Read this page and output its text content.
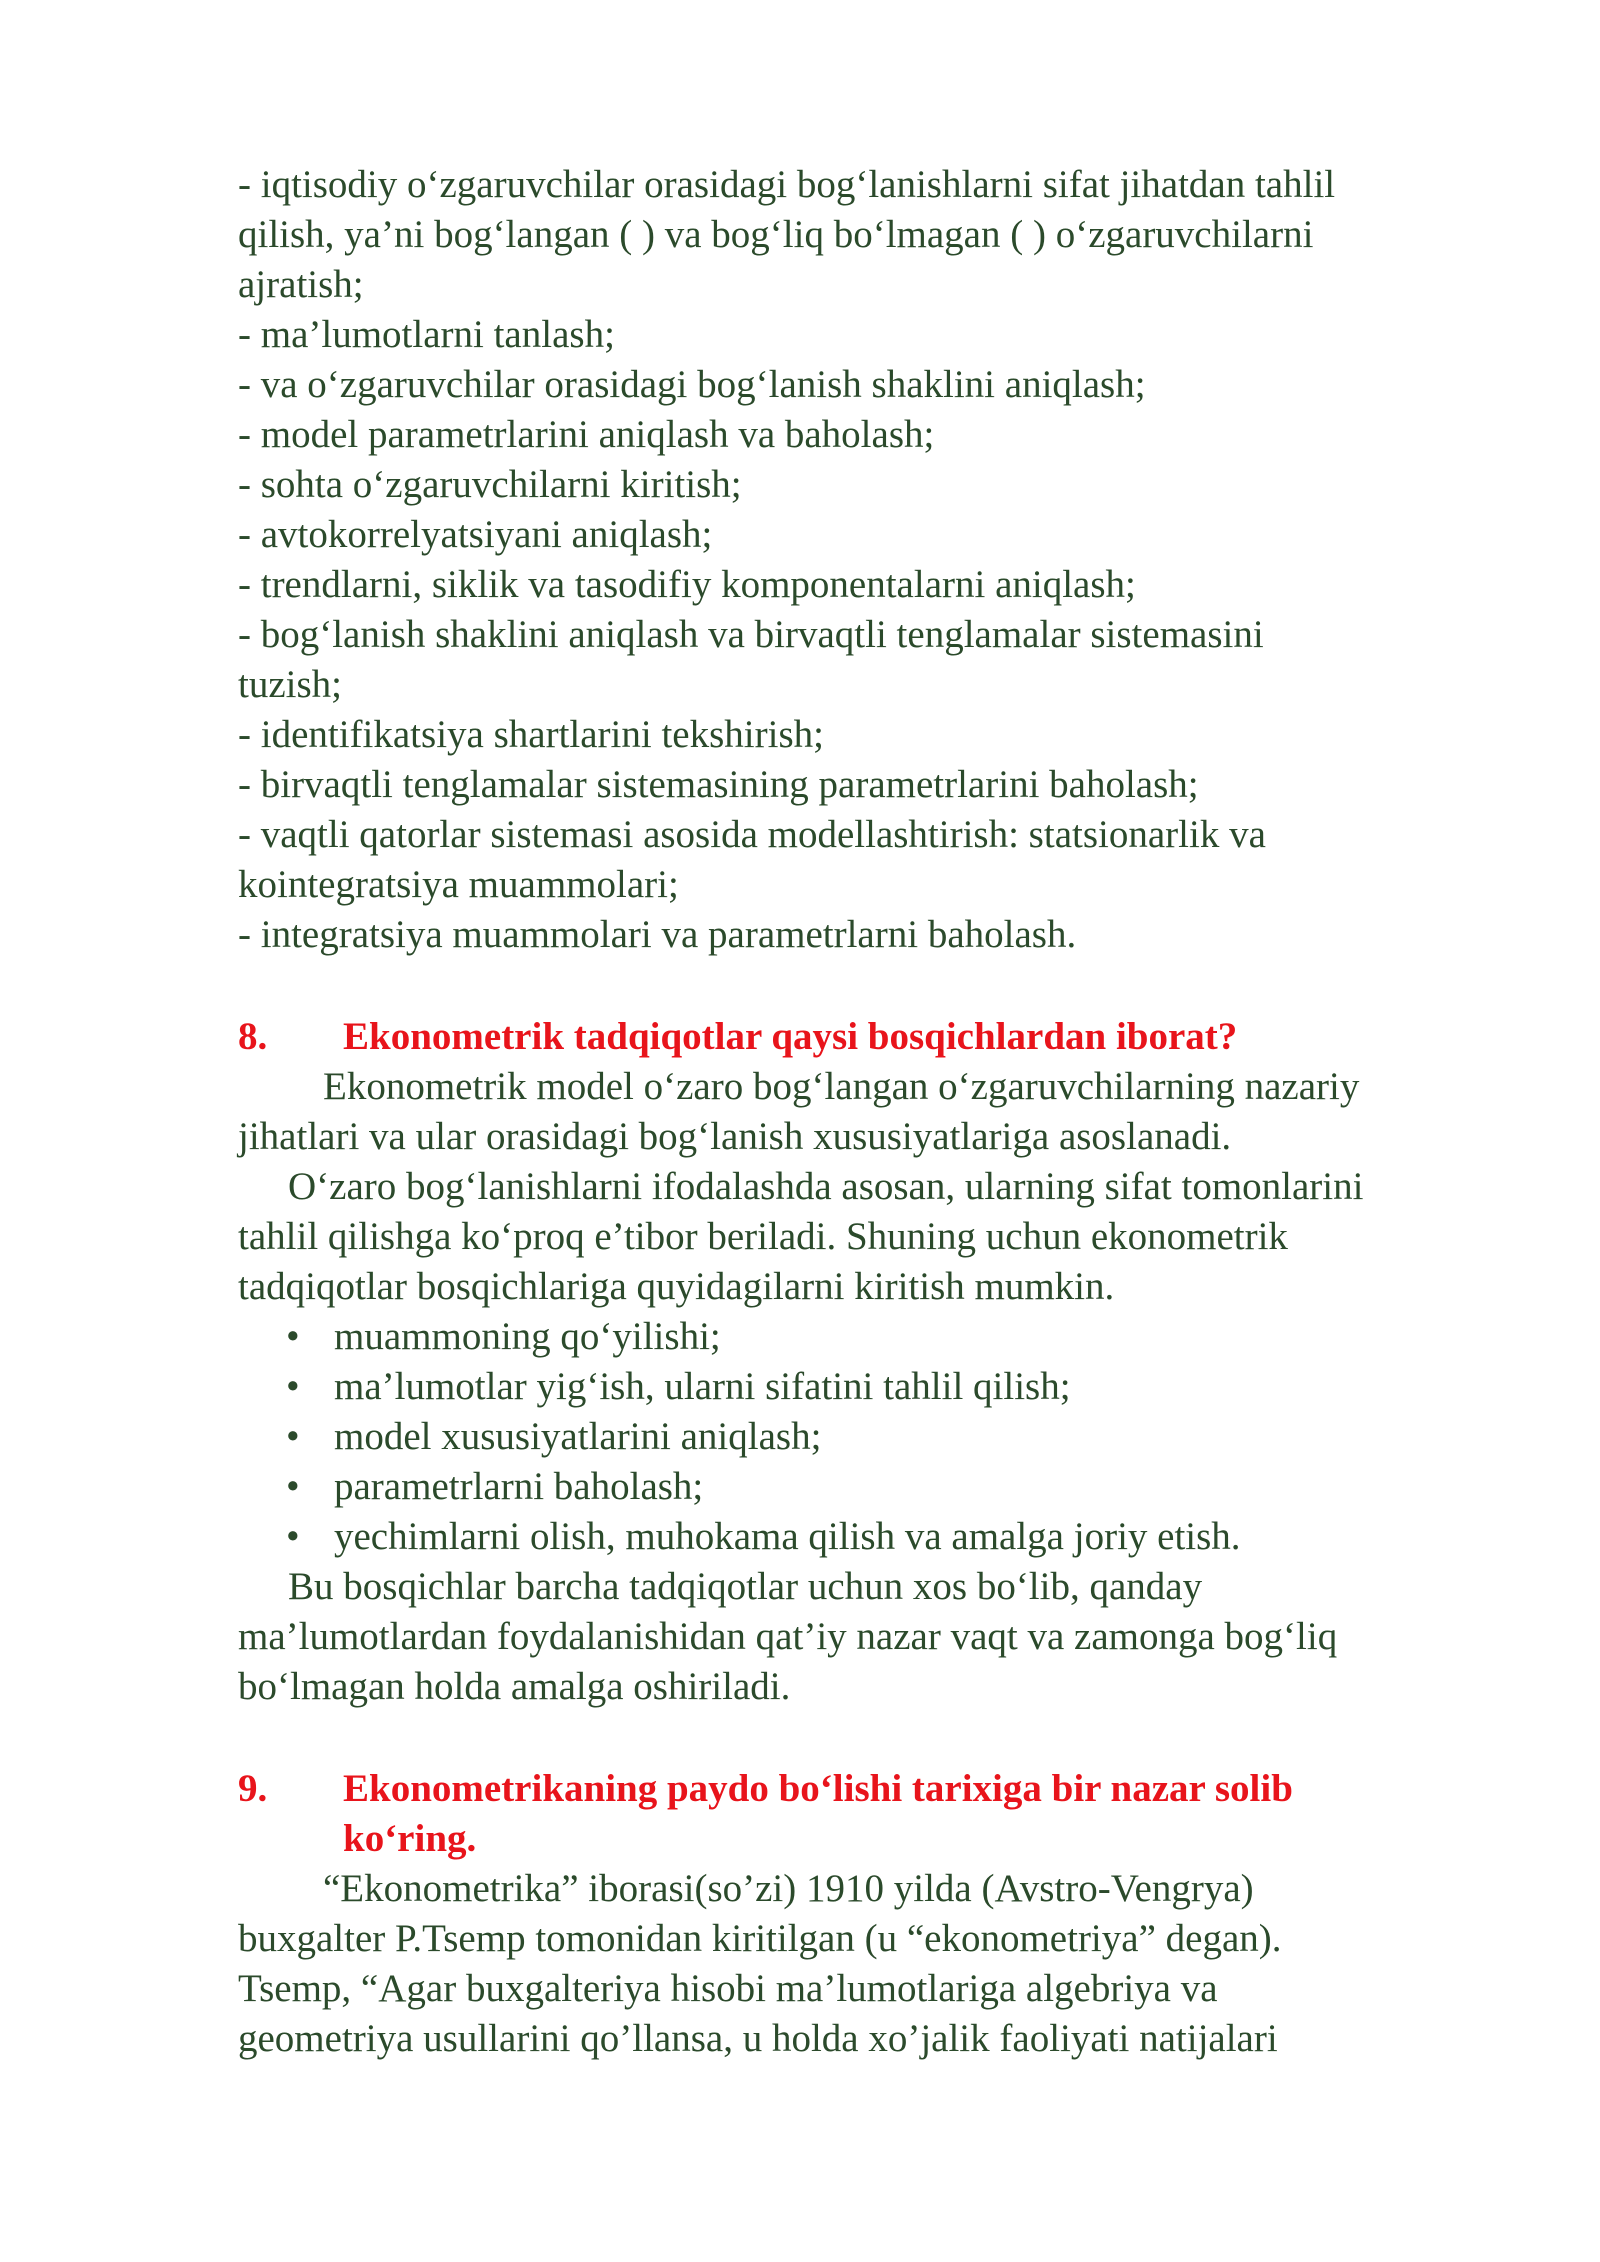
- iqtisodiy o‘zgaruvchilar orasidagi bog‘lanishlarni sifat jihatdan tahlil

qilish, ya’ni bog‘langan ( ) va bog‘liq bo‘lmagan ( ) o‘zgaruvchilarni

ajratish;

- ma’lumotlarni tanlash;

- va o‘zgaruvchilar orasidagi bog‘lanish shaklini aniqlash;

- model parametrlarini aniqlash va baholash;

- sohta o‘zgaruvchilarni kiritish;

- avtokorrelyatsiyani aniqlash;

- trendlarni, siklik va tasodifiy komponentalarni aniqlash;

- bog‘lanish shaklini aniqlash va birvaqtli tenglamalar sistemasini

tuzish;

- identifikatsiya shartlarini tekshirish;

- birvaqtli tenglamalar sistemasining parametrlarini baholash;

- vaqtli qatorlar sistemasi asosida modellashtirish: statsionarlik va

kointegratsiya muammolari;

- integratsiya muammolari va parametrlarni baholash.

8.	Ekonometrik tadqiqotlar qaysi bosqichlardan iborat?

Ekonometrik model o‘zaro bog‘langan o‘zgaruvchilarning nazariy

jihatlari va ular orasidagi bog‘lanish xususiyatlariga asoslanadi.

O‘zaro bog‘lanishlarni ifodalashda asosan, ularning sifat tomonlarini

tahlil qilishga ko‘proq e’tibor beriladi. Shuning uchun ekonometrik

tadqiqotlar bosqichlariga quyidagilarni kiritish mumkin.

• muammoning qo‘yilishi;
• ma’lumotlar yig‘ish, ularni sifatini tahlil qilish;
• model xususiyatlarini aniqlash;
• parametrlarni baholash;
• yechimlarni olish, muhokama qilish va amalga joriy etish.

Bu bosqichlar barcha tadqiqotlar uchun xos bo‘lib, qanday

ma’lumotlardan foydalanishidan qat’iy nazar vaqt va zamonga bog‘liq

bo‘lmagan holda amalga oshiriladi.

9.	Ekonometrikaning paydo bo‘lishi tarixiga bir nazar solib
ko‘ring.

“Ekonometrika” iborasi(so’zi) 1910 yilda (Avstro-Vengrya)

buxgalter P.Tsemp tomonidan kiritilgan (u “ekonometriya” degan).

Tsemp, “Agar buxgalteriya hisobi ma’lumotlariga algebriya va

geometriya usullarini qo’llansa, u holda xo’jalik faoliyati natijalari
